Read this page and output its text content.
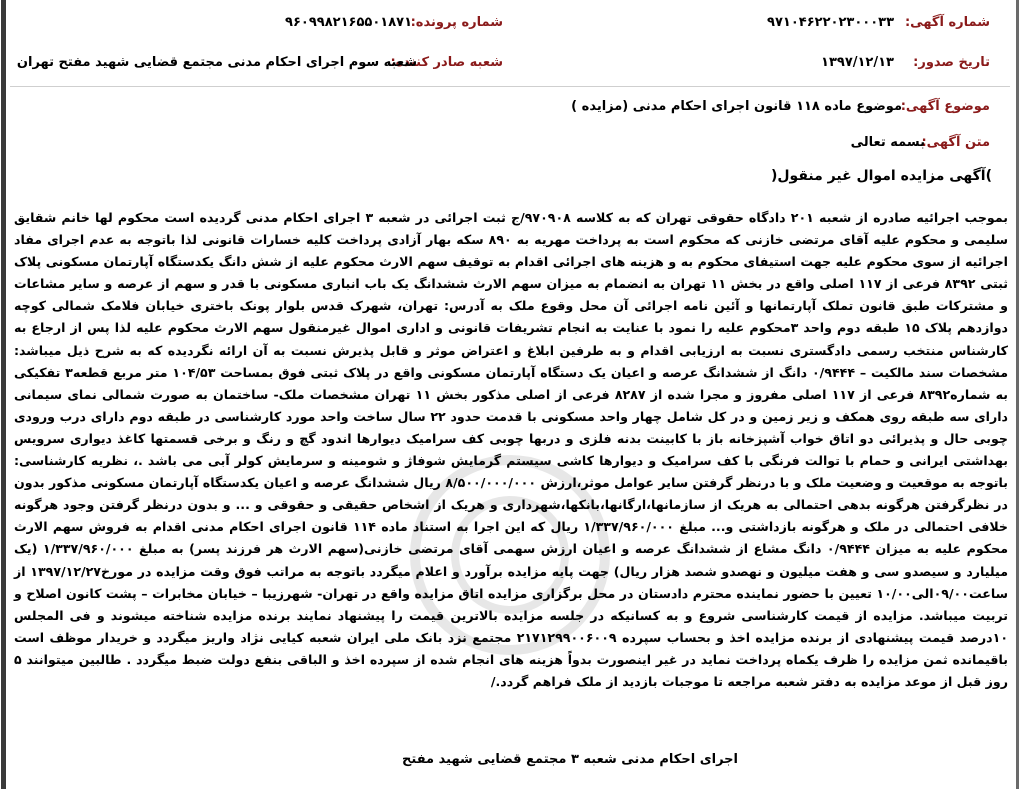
شماره آگهی:
۹۷۱۰۴۶۲۲۰۲۳۰۰۰۳۳
شماره پرونده:
۹۶۰۹۹۸۲۱۶۵۵۰۱۸۷۱
تاریخ صدور:
۱۳۹۷/۱۲/۱۳
شعبه صادر کننده:
شعبه سوم اجرای احکام مدنی مجتمع قضایی شهید مفتح تهران
موضوع آگهی:
موضوع ماده ۱۱۸ قانون اجرای احکام مدنی (مزایده )
متن آگهی:
بسمه تعالی
)آگهی مزایده اموال غیر منقول(

بموجب اجرائیه صادره از شعبه ۲۰۱ دادگاه حقوقی تهران که به کلاسه ۹۷۰۹۰۸/ج ثبت اجرائی در شعبه ۳ اجرای احکام مدنی گردیده است محکوم لها خانم شقایق سلیمی و محکوم علیه آقای مرتضی خازنی که محکوم است به پرداخت مهریه به ۸۹۰ سکه بهار آزادی پرداخت کلیه خسارات قانونی لذا باتوجه به عدم اجرای مفاد اجرائیه از سوی محکوم علیه جهت استیفای محکوم به و هزینه های اجرائی اقدام به توقیف سهم الارث محکوم علیه از شش دانگ یکدستگاه آپارتمان مسکونی پلاک ثبتی ۸۳۹۲ فرعی از ۱۱۷ اصلی واقع در بخش ۱۱ تهران به انضمام به میزان سهم الارث ششدانگ یک باب انباری مسکونی با قدر و سهم از عرصه و سایر مشاعات و مشترکات طبق قانون تملک آپارتمانها و آئین نامه اجرائی آن محل وقوع ملک به آدرس: تهران، شهرک قدس بلوار پونک باختری خیابان فلامک شمالی کوچه دوازدهم پلاک ۱۵ طبقه دوم واحد ۳محکوم علیه را نمود با عنایت به انجام تشریفات قانونی و اداری اموال غیرمنقول سهم الارث محکوم علیه لذا پس از ارجاع به کارشناس منتخب رسمی دادگستری نسبت به ارزیابی اقدام و به طرفین ابلاغ و اعتراض موثر و قابل پذیرش نسبت به آن ارائه نگردیده که به شرح ذیل میباشد: مشخصات سند مالکیت – ۰/۹۴۴۴ دانگ از ششدانگ عرصه و اعیان یک دستگاه آپارتمان مسکونی واقع در پلاک ثبتی فوق بمساحت ۱۰۴/۵۳ متر مربع قطعه۳ تفکیکی به شماره۸۳۹۲ فرعی از ۱۱۷ اصلی مفروز و مجرا شده از ۸۲۸۷ فرعی از اصلی مذکور بخش ۱۱ تهران مشخصات ملک- ساختمان به صورت شمالی نمای سیمانی دارای سه طبقه روی همکف و زیر زمین و در کل شامل چهار واحد مسکونی با قدمت حدود ۲۲ سال ساخت واحد مورد کارشناسی در طبقه دوم دارای درب ورودی چوبی حال و پذیرائی دو اتاق خواب آشپزخانه باز با کابینت بدنه فلزی و دربها چوبی کف سرامیک دیوارها اندود گچ و رنگ و برخی قسمتها کاغذ دیواری سرویس بهداشتی ایرانی و حمام با توالت فرنگی با کف سرامیک و دیوارها کاشی سیستم گرمایش شوفاژ و شومینه و سرمایش کولر آبی می باشد .، نظریه کارشناسی: باتوجه به موقعیت و وضعیت ملک و با درنظر گرفتن سایر عوامل موثر،ارزش ۸/۵۰۰/۰۰۰/۰۰۰ ریال ششدانگ عرصه و اعیان یکدستگاه آپارتمان مسکونی مذکور بدون در نظرگرفتن هرگونه بدهی احتمالی به هریک از سازمانها،ارگانها،بانکها،شهرداری و هریک از اشخاص حقیقی و حقوقی و ... و بدون درنظر گرفتن وجود هرگونه خلافی احتمالی در ملک و هرگونه بازداشتی و... مبلغ ۱/۳۳۷/۹۶۰/۰۰۰ ریال که این اجرا به استناد ماده ۱۱۴ قانون اجرای احکام مدنی اقدام به فروش سهم الارث محکوم علیه به میزان ۰/۹۴۴۴ دانگ مشاع از ششدانگ عرصه و اعیان ارزش سهمی آقای مرتضی خازنی(سهم الارث هر فرزند پسر) به مبلغ ۱/۳۳۷/۹۶۰/۰۰۰ (یک میلیارد و سیصدو سی و هفت میلیون و نهصدو شصد هزار ریال) جهت پایه مزایده برآورد و اعلام میگردد باتوجه به مراتب فوق وقت مزایده در مورخ۱۳۹۷/۱۲/۲۷ از ساعت۰۹/۰۰الی۱۰/۰۰ تعیین با حضور نماینده محترم دادستان در محل برگزاری مزایده اتاق مزایده واقع در تهران- شهرزیبا – خیابان مخابرات – پشت کانون اصلاح و تربیت میباشد. مزایده از قیمت کارشناسی شروع و به کسانیکه در جلسه مزایده بالاترین قیمت را پیشنهاد نمایند برنده مزایده شناخته میشوند و فی المجلس ۱۰درصد قیمت پیشنهادی از برنده مزایده اخذ و بحساب سپرده ۲۱۷۱۲۹۹۰۰۶۰۰۹ مجتمع نزد بانک ملی ایران شعبه کیایی نژاد واریز میگردد و خریدار موظف است باقیمانده ثمن مزایده را ظرف یکماه پرداخت نماید در غیر اینصورت بدواً هزینه های انجام شده از سپرده اخذ و الباقی بنفع دولت ضبط میگردد . طالبین میتوانند ۵ روز قبل از موعد مزایده به دفتر شعبه مراجعه تا موجبات بازدید از ملک فراهم گردد./

اجرای احکام مدنی شعبه ۳ مجتمع قضایی شهید مفتح
